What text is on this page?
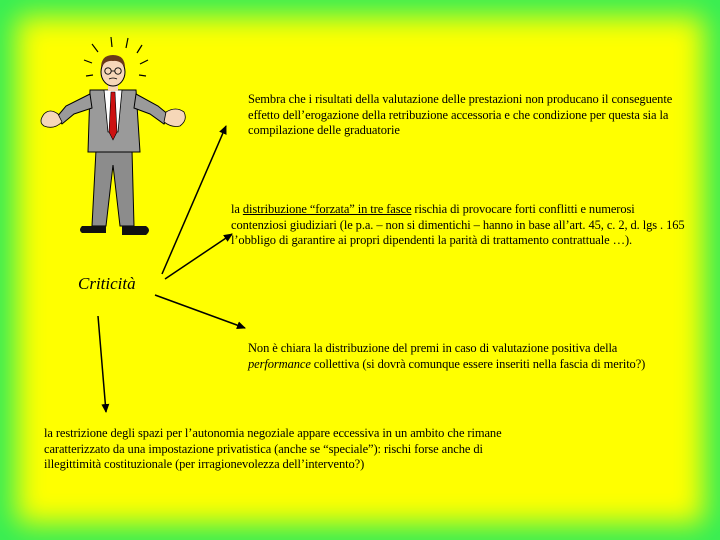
Criticità
Sembra che i risultati della valutazione delle prestazioni non producano il conseguente effetto dell’erogazione della retribuzione accessoria e che condizione per questa sia la compilazione delle graduatorie
la distribuzione “forzata” in tre fasce rischia di provocare forti conflitti e numerosi contenziosi giudiziari (le p.a. – non si dimentichi – hanno in base all’art. 45, c. 2, d. lgs . 165 l’obbligo di garantire ai propri dipendenti la parità di trattamento contrattuale …).
Non è chiara la distribuzione del premi in caso di valutazione positiva della performance collettiva (si dovrà comunque essere inseriti nella fascia di merito?)
la restrizione degli spazi per l’autonomia negoziale appare eccessiva in un ambito che rimane caratterizzato da una impostazione privatistica (anche se “speciale”): rischi forse anche di illegittimità costituzionale (per irragionevolezza dell’intervento?)
